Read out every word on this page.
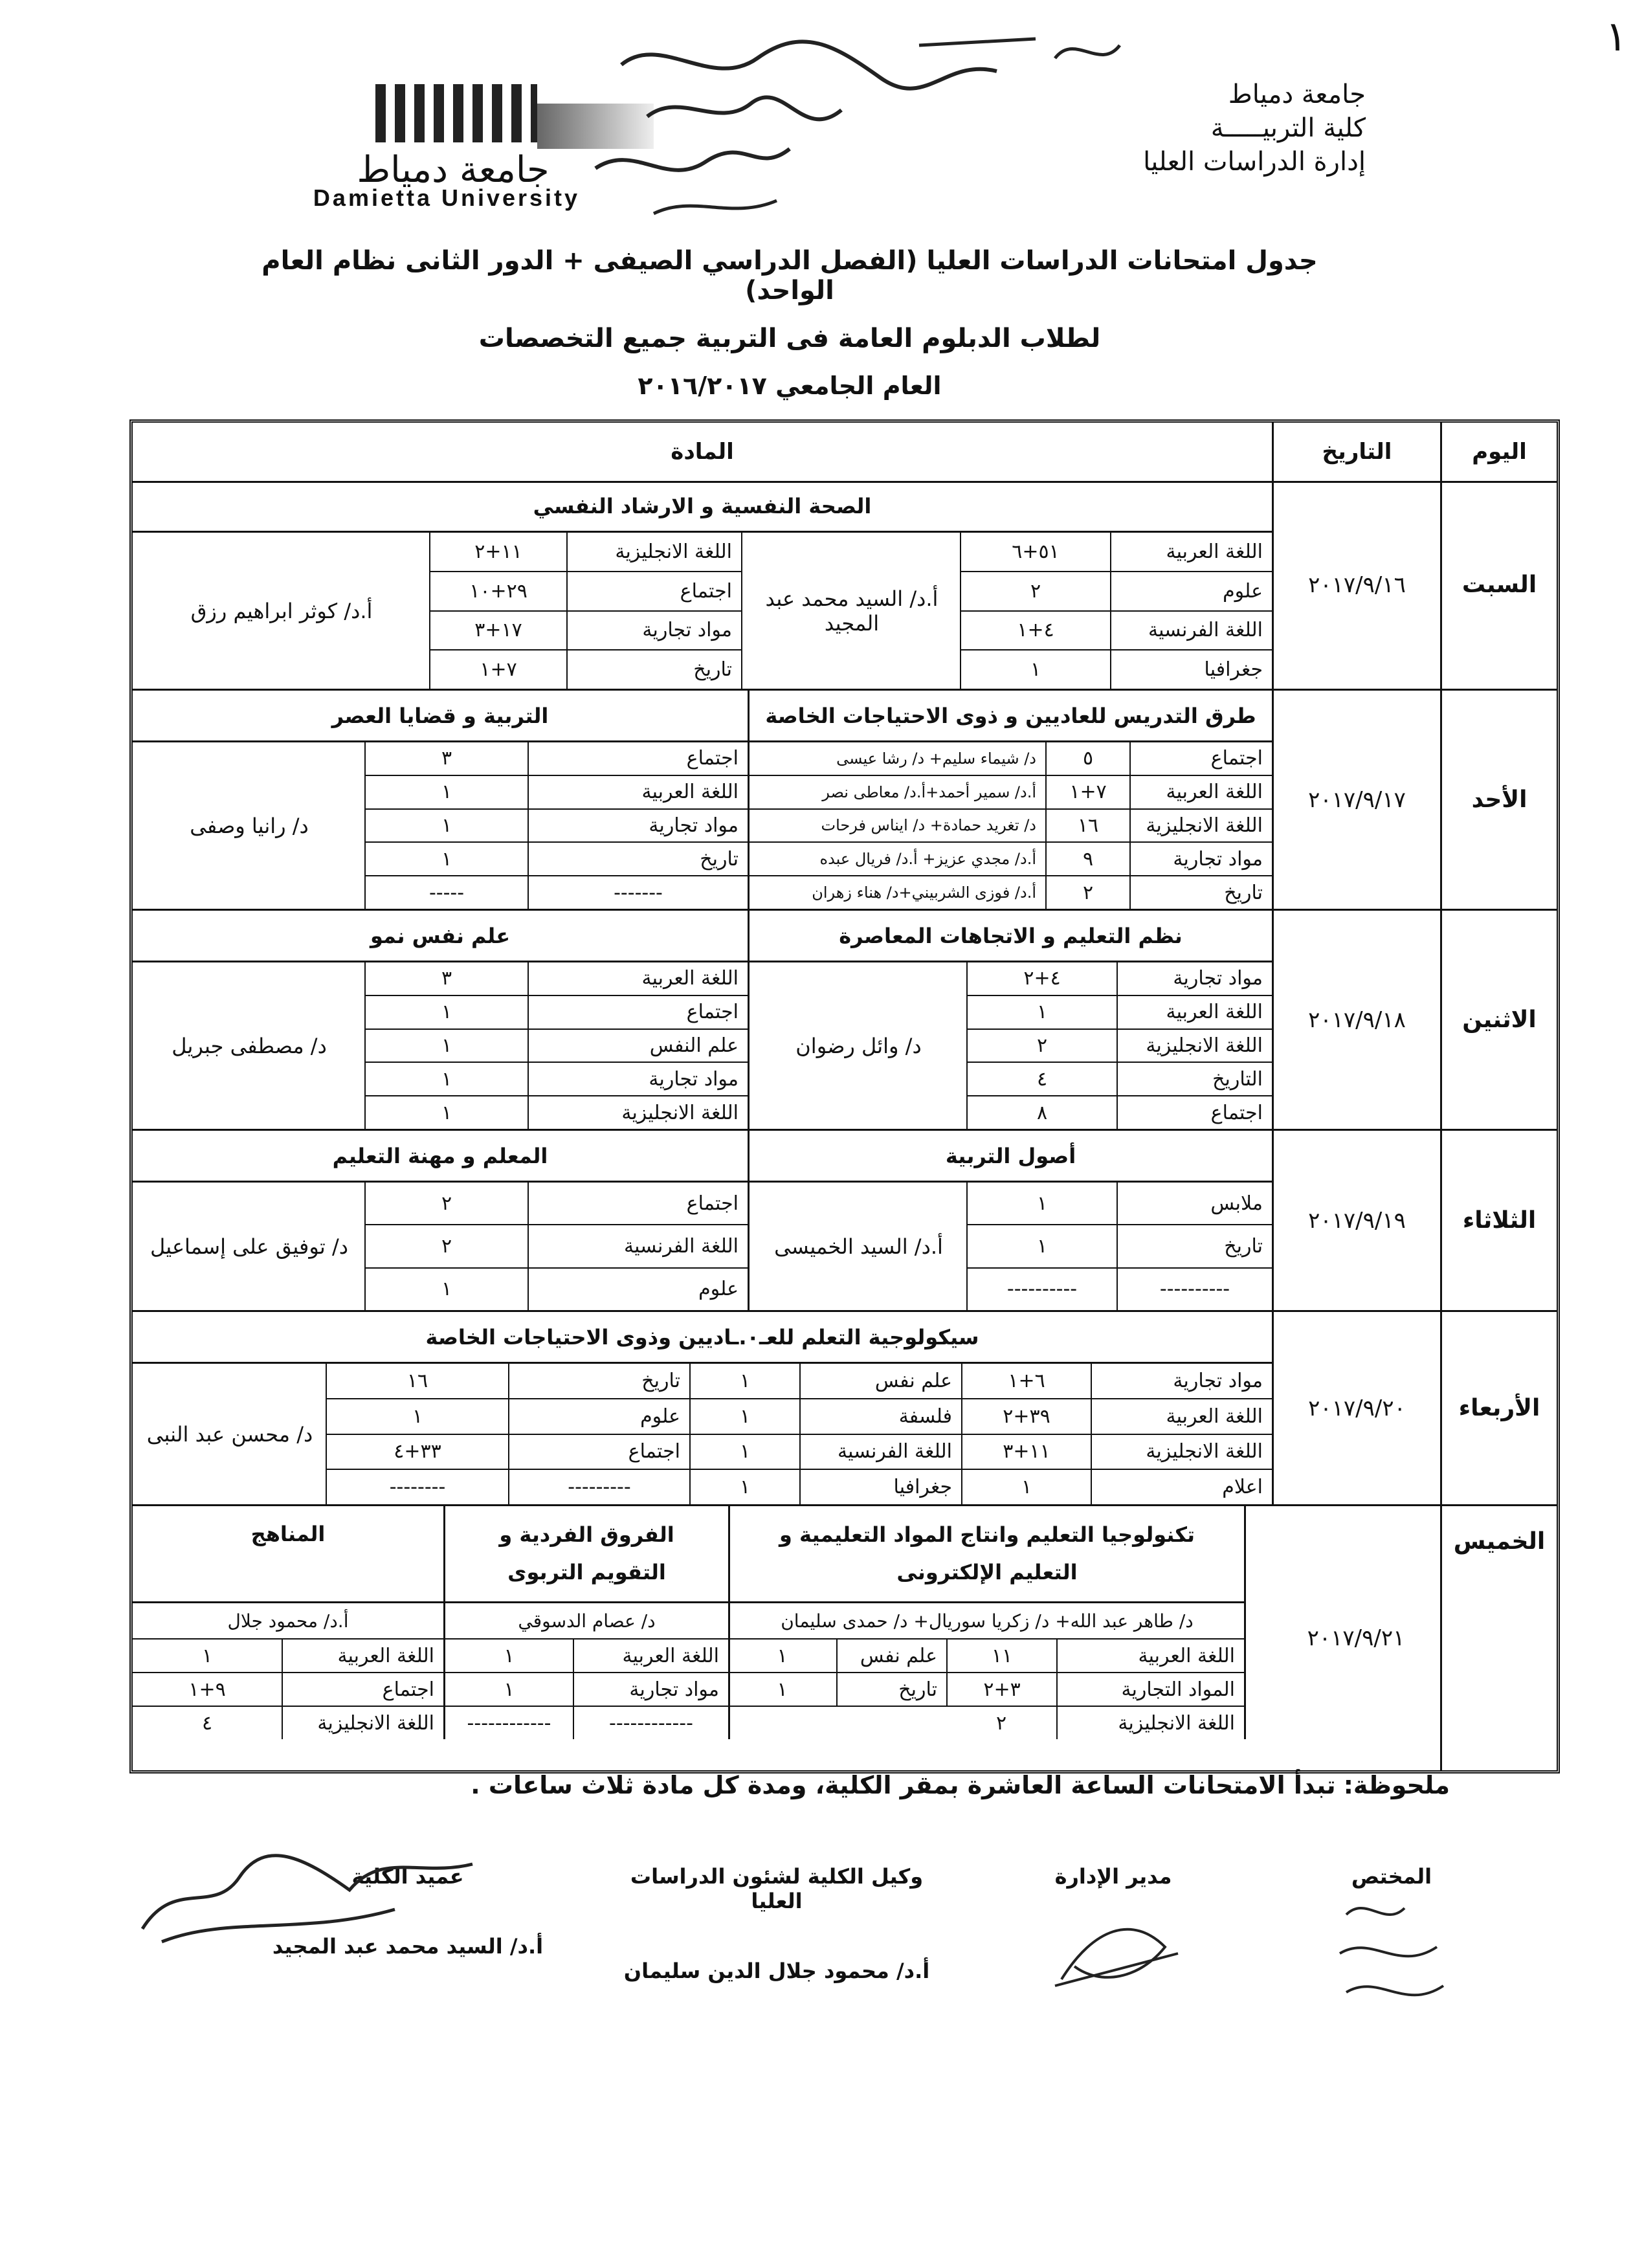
١
جامعة دمياط
كلية التربيـــــة
إدارة الدراسات العليا
جامعة دمياط
Damietta University
جدول امتحانات الدراسات العليا (الفصل الدراسي الصيفى + الدور الثانى نظام العام الواحد)
لطلاب الدبلوم العامة فى التربية جميع التخصصات
العام الجامعي ٢٠١٦/٢٠١٧
اليوم
التاريخ
المادة
السبت
٢٠١٧/٩/١٦
الصحة النفسية و الارشاد النفسي
اللغة العربية
٥١+٦
علوم
٢
اللغة الفرنسية
٤+١
جغرافيا
١
أ.د/ السيد محمد عبد المجيد
اللغة الانجليزية
١١+٢
اجتماع
٢٩+١٠
مواد تجارية
١٧+٣
تاريخ
٧+١
أ.د/ كوثر ابراهيم رزق
الأحد
٢٠١٧/٩/١٧
طرق التدريس للعاديين و ذوى الاحتياجات الخاصة
اجتماع
٥
د/ شيماء سليم+ د/ رشا عيسى
اللغة العربية
٧+١
أ.د/ سمير أحمد+أ.د/ معاطى نصر
اللغة الانجليزية
١٦
د/ تغريد حمادة+ د/ ايناس فرحات
مواد تجارية
٩
أ.د/ مجدي عزيز+ أ.د/ فريال عبده
تاريخ
٢
أ.د/ فوزى الشربيني+د/ هناء زهران
التربية و قضايا العصر
اجتماع
٣
اللغة العربية
١
مواد تجارية
١
تاريخ
١
-------
-----
د/ رانيا وصفى
الاثنين
٢٠١٧/٩/١٨
نظم التعليم و الاتجاهات المعاصرة
مواد تجارية
٤+٢
اللغة العربية
١
اللغة الانجليزية
٢
التاريخ
٤
اجتماع
٨
د/ وائل رضوان
علم نفس نمو
اللغة العربية
٣
اجتماع
١
علم النفس
١
مواد تجارية
١
اللغة الانجليزية
١
د/ مصطفى جبريل
الثلاثاء
٢٠١٧/٩/١٩
أصول التربية
ملابس
١
تاريخ
١
----------
----------
أ.د/ السيد الخميسى
المعلم و مهنة التعليم
اجتماع
٢
اللغة الفرنسية
٢
علوم
١
د/ توفيق على إسماعيل
الأربعاء
٢٠١٧/٩/٢٠
سيكولوجية التعلم للعـ٠.ـاديين وذوى الاحتياجات الخاصة
مواد تجارية
٦+١
علم نفس
١
تاريخ
١٦
اللغة العربية
٣٩+٢
فلسفة
١
علوم
١
اللغة الانجليزية
١١+٣
اللغة الفرنسية
١
اجتماع
٣٣+٤
اعلام
١
جغرافيا
١
---------
--------
د/ محسن عبد النبى
الخميس
٢٠١٧/٩/٢١
تكنولوجيا التعليم وانتاج المواد التعليمية و التعليم الإلكترونى
د/ طاهر عبد الله+ د/ زكريا سوريال+ د/ حمدى سليمان
اللغة العربية
١١
علم نفس
١
المواد التجارية
٣+٢
تاريخ
١
اللغة الانجليزية
٢
الفروق الفردية و التقويم التربوى
د/ عصام الدسوقي
اللغة العربية
١
مواد تجارية
١
------------
------------
المناهج
أ.د/ محمود جلال
اللغة العربية
١
اجتماع
٩+١
اللغة الانجليزية
٤
ملحوظة: تبدأ الامتحانات الساعة العاشرة بمقر الكلية، ومدة كل مادة ثلاث ساعات .
المختص
مدير الإدارة
وكيل الكلية لشئون الدراسات العليا
أ.د/ محمود جلال الدين سليمان
عميد الكلية
أ.د/ السيد محمد عبد المجيد
